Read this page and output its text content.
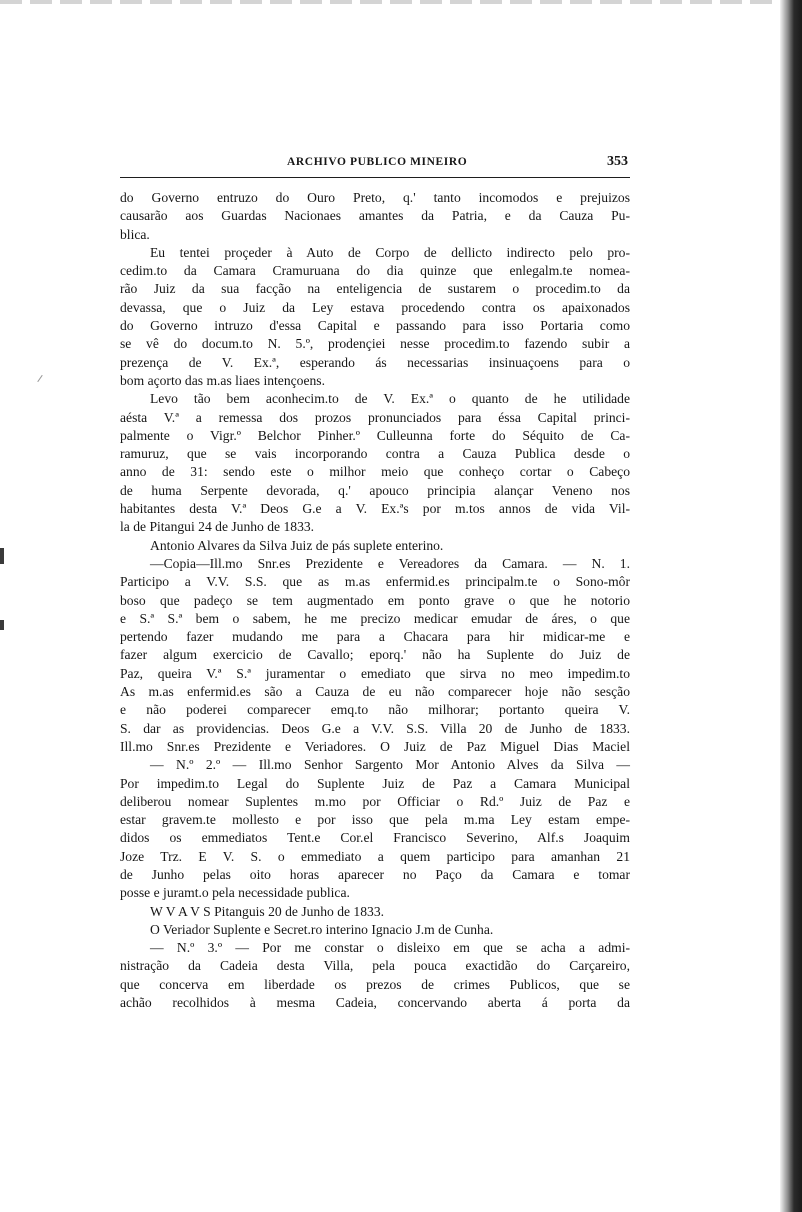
ARCHIVO PUBLICO MINEIRO	353
do Governo entruzo do Ouro Preto, q.' tanto incomodos e prejuizos
causarão aos Guardas Nacionaes amantes da Patria, e da Cauza Pu-
blica.
Eu tentei proçeder à Auto de Corpo de dellicto indirecto pelo pro-
cedim.to da Camara Cramuruana do dia quinze que enlegalm.te nomea-
rão Juiz da sua facção na enteligencia de sustarem o procedim.to da
devassa, que o Juiz da Ley estava procedendo contra os apaixonados
do Governo intruzo d'essa Capital e passando para isso Portaria como
se vê do docum.to N. 5.º, prodençiei nesse procedim.to fazendo subir a
prezença de V. Ex.ª, esperando ás necessarias insinuaçoens para o
bom açorto das m.as liaes intençoens.
Levo tão bem aconhecim.to de V. Ex.ª o quanto de he utilidade
aésta V.ª a remessa dos prozos pronunciados para éssa Capital princi-
palmente o Vigr.º Belchor Pinher.º Culleunna forte do Séquito de Ca-
ramuruz, que se vais incorporando contra a Cauza Publica desde o
anno de 31: sendo este o milhor meio que conheço cortar o Cabeço
de huma Serpente devorada, q.' apouco principia alançar Veneno nos
habitantes desta V.ª Deos G.e a V. Ex.ªs por m.tos annos de vida Vil-
la de Pitangui 24 de Junho de 1833.
Antonio Alvares da Silva Juiz de pás suplete enterino.
—Copia—Ill.mo Snr.es Prezidente e Vereadores da Camara. — N. 1.
Participo a V.V. S.S. que as m.as enfermid.es principalm.te o Sono-môr
boso que padeço se tem augmentado em ponto grave o que he notorio
e S.ª S.ª bem o sabem, he me precizo medicar emudar de áres, o que
pertendo fazer mudando me para a Chacara para hir midicar-me e
fazer algum exercicio de Cavallo; eporq.' não ha Suplente do Juiz de
Paz, queira V.ª S.ª juramentar o emediato que sirva no meo impedim.to
As m.as enfermid.es são a Cauza de eu não comparecer hoje não sesção
e não poderei comparecer emq.to não milhorar; portanto queira V.
S. dar as providencias. Deos G.e a V.V. S.S. Villa 20 de Junho de 1833.
Ill.mo Snr.es Prezidente e Veriadores. O Juiz de Paz Miguel Dias Maciel
— N.º 2.º — Ill.mo Senhor Sargento Mor Antonio Alves da Silva —
Por impedim.to Legal do Suplente Juiz de Paz a Camara Municipal
deliberou nomear Suplentes m.mo por Officiar o Rd.º Juiz de Paz e
estar gravem.te mollesto e por isso que pela m.ma Ley estam empe-
didos os emmediatos Tent.e Cor.el Francisco Severino, Alf.s Joaquim
Joze Trz. E V. S. o emmediato a quem participo para amanhan 21
de Junho pelas oito horas aparecer no Paço da Camara e tomar
posse e juramt.o pela necessidade publica.
W V A V S Pitanguis 20 de Junho de 1833.
O Veriador Suplente e Secret.ro interino Ignacio J.m de Cunha.
— N.º 3.º — Por me constar o disleixo em que se acha a admi-
nistração da Cadeia desta Villa, pela pouca exactidão do Carçareiro,
que concerva em liberdade os prezos de crimes Publicos, que se
achão recolhidos à mesma Cadeia, concervando aberta á porta da
